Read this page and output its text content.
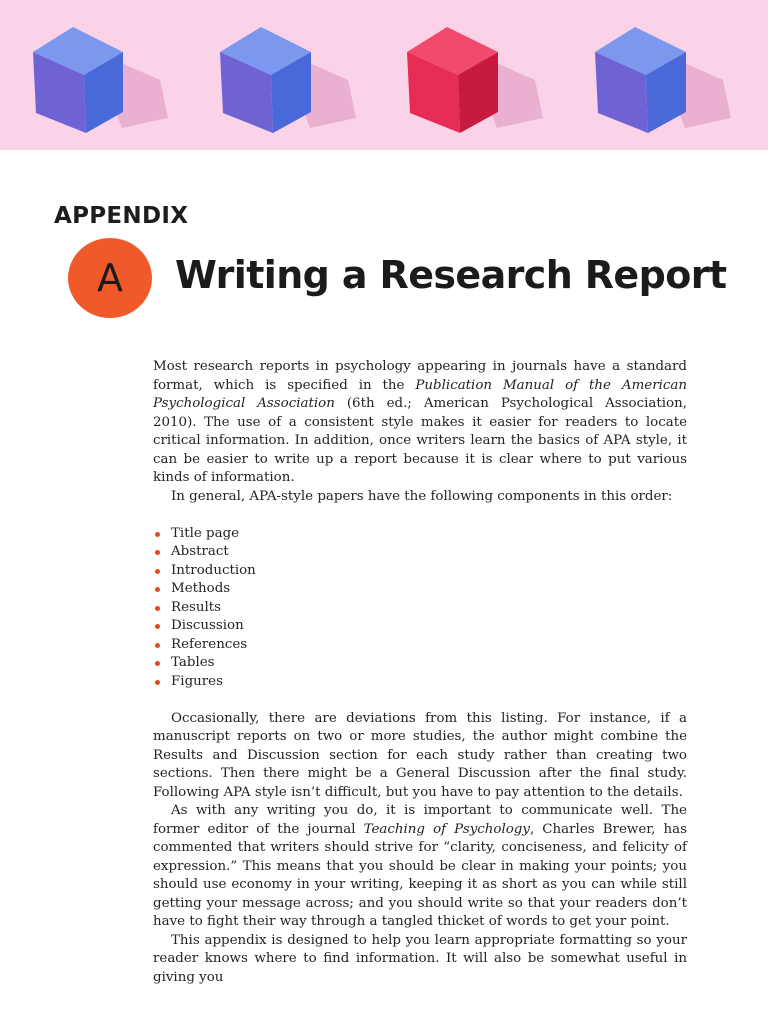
APPENDIX
A Writing a Research Report

Most research reports in psychology appearing in journals have a standard format, which is specified in the Publication Manual of the American Psychological Association (6th ed.; American Psychological Association, 2010). The use of a consistent style makes it easier for readers to locate critical information. In addition, once writers learn the basics of APA style, it can be easier to write up a report because it is clear where to put various kinds of information.

In general, APA-style papers have the following components in this order:

Title page
Abstract
Introduction
Methods
Results
Discussion
References
Tables
Figures

Occasionally, there are deviations from this listing. For instance, if a manuscript reports on two or more studies, the author might combine the Results and Discussion section for each study rather than creating two sections. Then there might be a General Discussion after the final study. Following APA style isn’t difficult, but you have to pay attention to the details.

As with any writing you do, it is important to communicate well. The former editor of the journal Teaching of Psychology, Charles Brewer, has commented that writers should strive for “clarity, conciseness, and felicity of expression.” This means that you should be clear in making your points; you should use economy in your writing, keeping it as short as you can while still getting your message across; and you should write so that your readers don’t have to fight their way through a tangled thicket of words to get your point.

This appendix is designed to help you learn appropriate formatting so your reader knows where to find information. It will also be somewhat useful in giving you
